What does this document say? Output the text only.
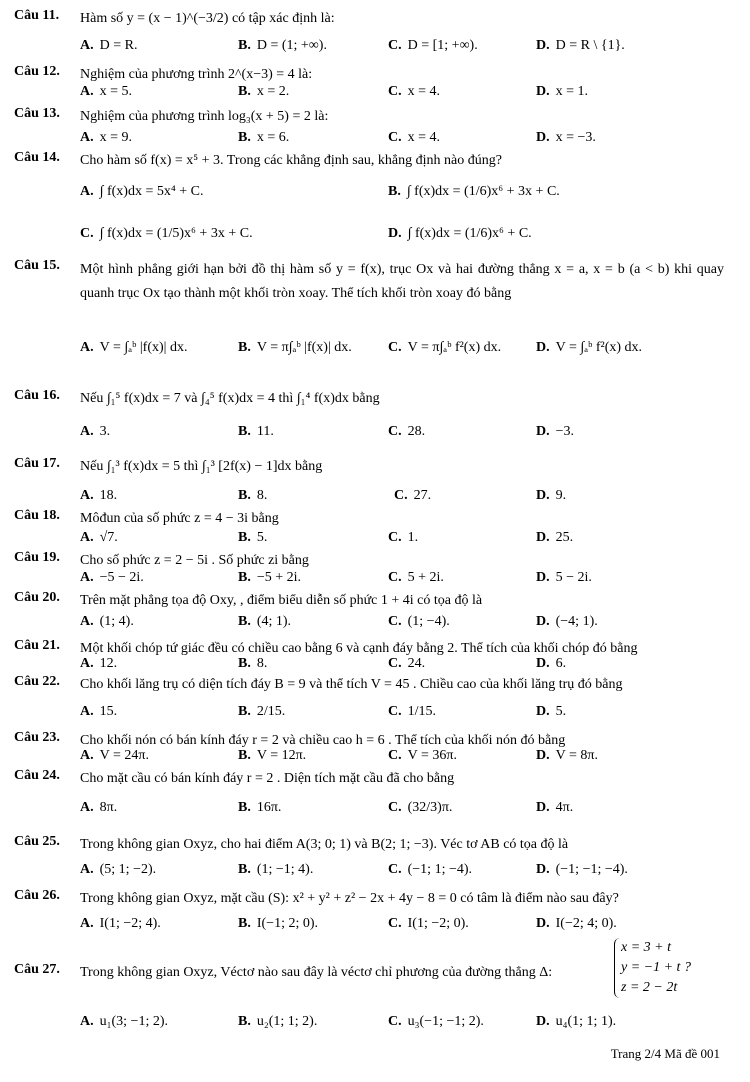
Câu 11. Hàm số y = (x − 1)^(−3/2) có tập xác định là:
A. D = R.	B. D = (1; +∞).	C. D = [1; +∞).	D. D = R \ {1}.
Câu 12. Nghiệm của phương trình 2^(x−3) = 4 là:
A. x = 5.	B. x = 2.	C. x = 4.	D. x = 1.
Câu 13. Nghiệm của phương trình log₃(x + 5) = 2 là:
A. x = 9.	B. x = 6.	C. x = 4.	D. x = −3.
Câu 14. Cho hàm số f(x) = x⁵ + 3. Trong các khẳng định sau, khẳng định nào đúng?
A. ∫ f(x)dx = 5x⁴ + C.	B. ∫ f(x)dx = (1/6)x⁶ + 3x + C.
C. ∫ f(x)dx = (1/5)x⁶ + 3x + C.	D. ∫ f(x)dx = (1/6)x⁶ + C.
Câu 15. Một hình phẳng giới hạn bởi đồ thị hàm số y = f(x), trục Ox và hai đường thẳng x = a, x = b (a < b) khi quay quanh trục Ox tạo thành một khối tròn xoay. Thể tích khối tròn xoay đó bằng
A. V = ∫ₐᵇ |f(x)| dx.	B. V = π∫ₐᵇ |f(x)| dx.	C. V = π∫ₐᵇ f²(x) dx. D. V = ∫ₐᵇ f²(x) dx.
Câu 16. Nếu ∫₁⁵ f(x)dx = 7 và ∫₄⁵ f(x)dx = 4 thì ∫₁⁴ f(x)dx bằng
A. 3.	B. 11.	C. 28.	D. −3.
Câu 17. Nếu ∫₁³ f(x)dx = 5 thì ∫₁³ [2f(x) − 1]dx bằng
A. 18.	B. 8.	C. 27.	D. 9.
Câu 18. Môđun của số phức z = 4 − 3i bằng
A. √7.	B. 5.	C. 1.	D. 25.
Câu 19. Cho số phức z = 2 − 5i . Số phức zi bằng
A. −5 − 2i.	B. −5 + 2i.	C. 5 + 2i.	D. 5 − 2i.
Câu 20. Trên mặt phẳng tọa độ Oxy, , điểm biểu diễn số phức 1 + 4i có tọa độ là
A. (1; 4).	B. (4; 1).	C. (1; −4).	D. (−4; 1).
Câu 21. Một khối chóp tứ giác đều có chiều cao bằng 6 và cạnh đáy bằng 2. Thể tích của khối chóp đó bằng
A. 12.	B. 8.	C. 24.	D. 6.
Câu 22. Cho khối lăng trụ có diện tích đáy B = 9 và thể tích V = 45 . Chiều cao của khối lăng trụ đó bằng
A. 15.	B. 2/15.	C. 1/15.	D. 5.
Câu 23. Cho khối nón có bán kính đáy r = 2 và chiều cao h = 6 . Thể tích của khối nón đó bằng
A. V = 24π.	B. V = 12π.	C. V = 36π.	D. V = 8π.
Câu 24. Cho mặt cầu có bán kính đáy r = 2 . Diện tích mặt cầu đã cho bằng
A. 8π.	B. 16π.	C. (32/3)π.	D. 4π.
Câu 25. Trong không gian Oxyz, cho hai điểm A(3; 0; 1) và B(2; 1; −3). Véc tơ AB có tọa độ là
A. (5; 1; −2).	B. (1; −1; 4).	C. (−1; 1; −4).	D. (−1; −1; −4).
Câu 26. Trong không gian Oxyz, mặt cầu (S): x² + y² + z² − 2x + 4y − 8 = 0 có tâm là điểm nào sau đây?
A. I(1; −2; 4).	B. I(−1; 2; 0).	C. I(1; −2; 0).	D. I(−2; 4; 0).
Câu 27. Trong không gian Oxyz, Véctơ nào sau đây là véctơ chỉ phương của đường thẳng Δ:
x = 3 + t
y = −1 + t ?
z = 2 − 2t
A. u₁(3; −1; 2).	B. u₂(1; 1; 2).	C. u₃(−1; −1; 2).	D. u₄(1; 1; 1).
Trang 2/4 Mã đề 001
